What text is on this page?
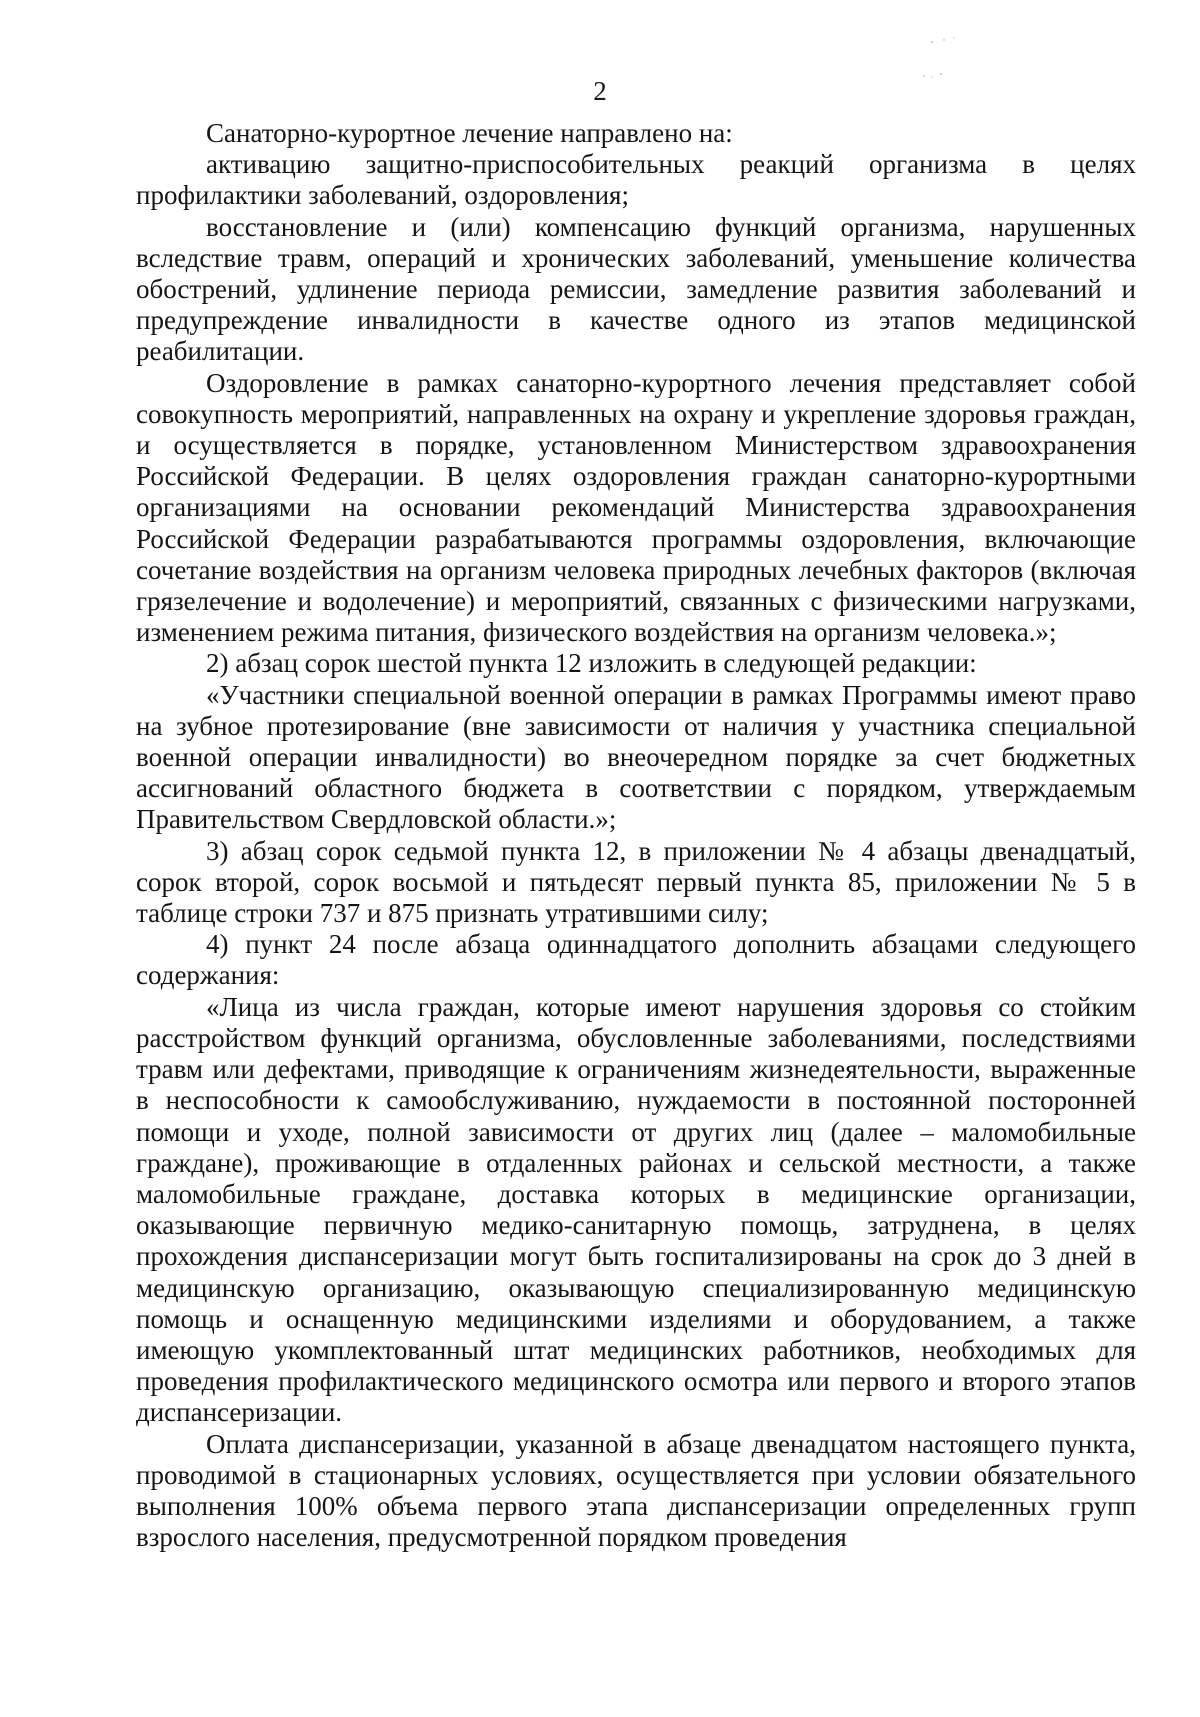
2

Санаторно-курортное лечение направлено на:

активацию защитно-приспособительных реакций организма в целях профилактики заболеваний, оздоровления;

восстановление и (или) компенсацию функций организма, нарушенных вследствие травм, операций и хронических заболеваний, уменьшение количества обострений, удлинение периода ремиссии, замедление развития заболеваний и предупреждение инвалидности в качестве одного из этапов медицинской реабилитации.

Оздоровление в рамках санаторно-курортного лечения представляет собой совокупность мероприятий, направленных на охрану и укрепление здоровья граждан, и осуществляется в порядке, установленном Министерством здравоохранения Российской Федерации. В целях оздоровления граждан санаторно-курортными организациями на основании рекомендаций Министерства здравоохранения Российской Федерации разрабатываются программы оздоровления, включающие сочетание воздействия на организм человека природных лечебных факторов (включая грязелечение и водолечение) и мероприятий, связанных с физическими нагрузками, изменением режима питания, физического воздействия на организм человека.»;

2) абзац сорок шестой пункта 12 изложить в следующей редакции:

«Участники специальной военной операции в рамках Программы имеют право на зубное протезирование (вне зависимости от наличия у участника специальной военной операции инвалидности) во внеочередном порядке за счет бюджетных ассигнований областного бюджета в соответствии с порядком, утверждаемым Правительством Свердловской области.»;

3) абзац сорок седьмой пункта 12, в приложении № 4 абзацы двенадцатый, сорок второй, сорок восьмой и пятьдесят первый пункта 85, приложении № 5 в таблице строки 737 и 875 признать утратившими силу;

4) пункт 24 после абзаца одиннадцатого дополнить абзацами следующего содержания:

«Лица из числа граждан, которые имеют нарушения здоровья со стойким расстройством функций организма, обусловленные заболеваниями, последствиями травм или дефектами, приводящие к ограничениям жизнедеятельности, выраженные в неспособности к самообслуживанию, нуждаемости в постоянной посторонней помощи и уходе, полной зависимости от других лиц (далее – маломобильные граждане), проживающие в отдаленных районах и сельской местности, а также маломобильные граждане, доставка которых в медицинские организации, оказывающие первичную медико-санитарную помощь, затруднена, в целях прохождения диспансеризации могут быть госпитализированы на срок до 3 дней в медицинскую организацию, оказывающую специализированную медицинскую помощь и оснащенную медицинскими изделиями и оборудованием, а также имеющую укомплектованный штат медицинских работников, необходимых для проведения профилактического медицинского осмотра или первого и второго этапов диспансеризации.

Оплата диспансеризации, указанной в абзаце двенадцатом настоящего пункта, проводимой в стационарных условиях, осуществляется при условии обязательного выполнения 100% объема первого этапа диспансеризации определенных групп взрослого населения, предусмотренной порядком проведения
